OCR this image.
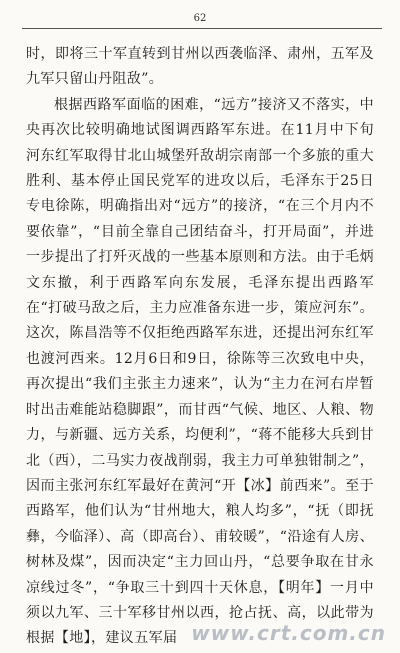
62

时，即将三十军直转到甘州以西袭临泽、肃州，五军及九军只留山丹阻敌”。

根据西路军面临的困难，“远方”接济又不落实，中央再次比较明确地试图调西路军东进。在11月中下旬河东红军取得甘北山城堡歼敌胡宗南部一个多旅的重大胜利、基本停止国民党军的进攻以后，毛泽东于25日专电徐陈，明确指出对“远方”的接济，“在三个月内不要依靠”，“目前全靠自己团结奋斗，打开局面”，并进一步提出了打歼灭战的一些基本原则和方法。由于毛炳文东撤，利于西路军向东发展，毛泽东提出西路军在“打破马敌之后，主力应准备东进一步，策应河东”。这次，陈昌浩等不仅拒绝西路军东进，还提出河东红军也渡河西来。12月6日和9日，徐陈等三次致电中央，再次提出“我们主张主力速来”，认为“主力在河右岸暂时出击难能站稳脚跟”，而甘西“气候、地区、人粮、物力，与新疆、远方关系，均便利”，“蒋不能移大兵到甘北（西），二马实力夜战削弱，我主力可单独钳制之”，因而主张河东红军最好在黄河“开【冰】前西来”。至于西路军，他们认为“甘州地大，粮人均多”，“抚（即抚彝，今临泽）、高（即高台）、甫较暖”，“沿途有人房、树林及煤”，因而决定“主力回山丹，“总要争取在甘永凉线过冬”，“争取三十到四十天休息，【明年】一月中须以九军、三十军移甘州以西，抢占抚、高，以此带为根据【地】，建议五军届 www.crt.com.cn
